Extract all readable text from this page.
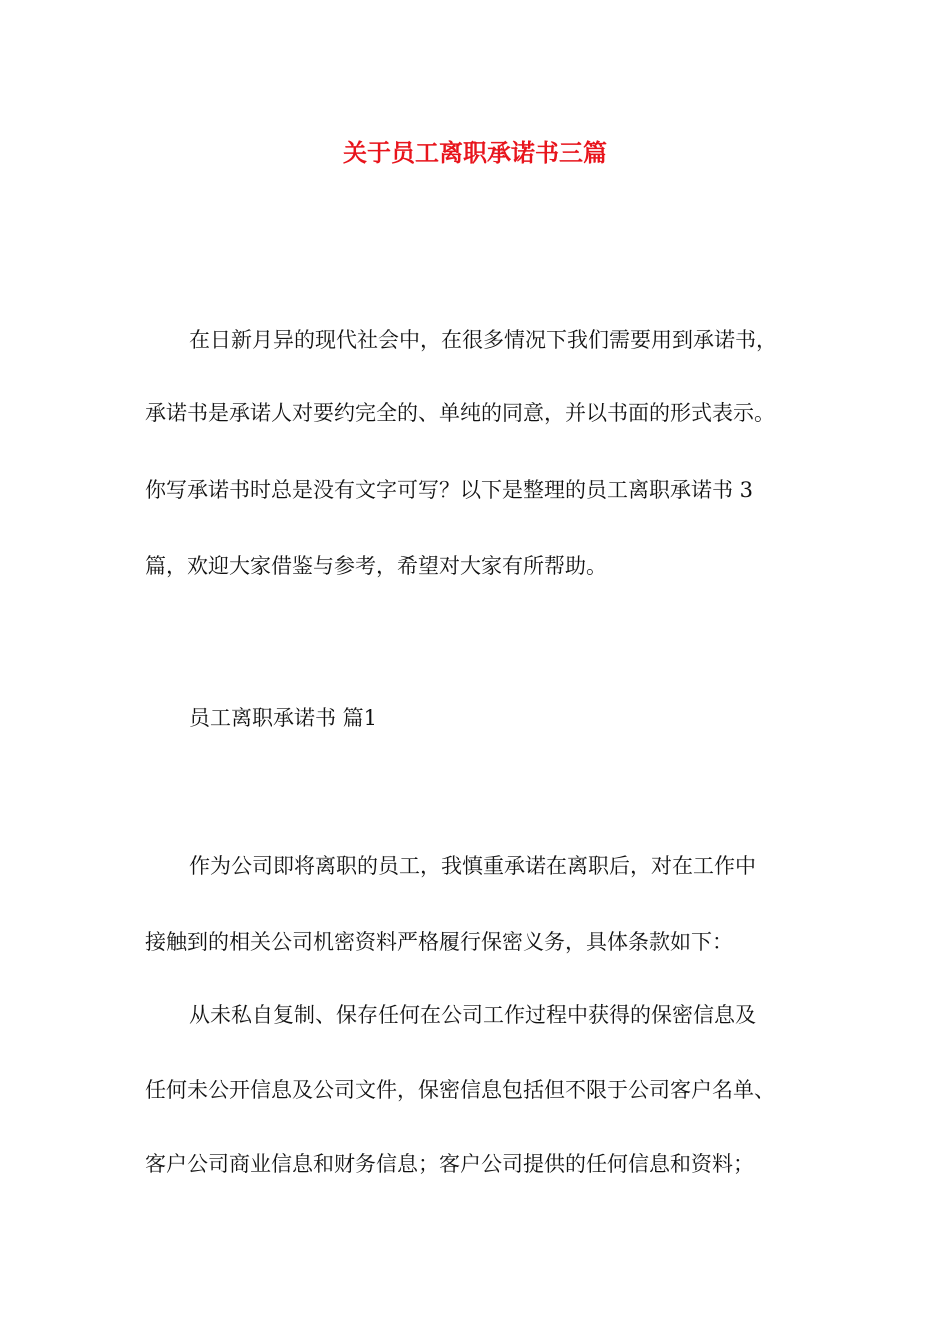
关于员工离职承诺书三篇

在日新月异的现代社会中，在很多情况下我们需要用到承诺书，

承诺书是承诺人对要约完全的、单纯的同意，并以书面的形式表示。

你写承诺书时总是没有文字可写？以下是整理的员工离职承诺书 3

篇，欢迎大家借鉴与参考，希望对大家有所帮助。

员工离职承诺书 篇1

作为公司即将离职的员工，我慎重承诺在离职后，对在工作中

接触到的相关公司机密资料严格履行保密义务，具体条款如下：

从未私自复制、保存任何在公司工作过程中获得的保密信息及

任何未公开信息及公司文件，保密信息包括但不限于公司客户名单、

客户公司商业信息和财务信息；客户公司提供的任何信息和资料；
